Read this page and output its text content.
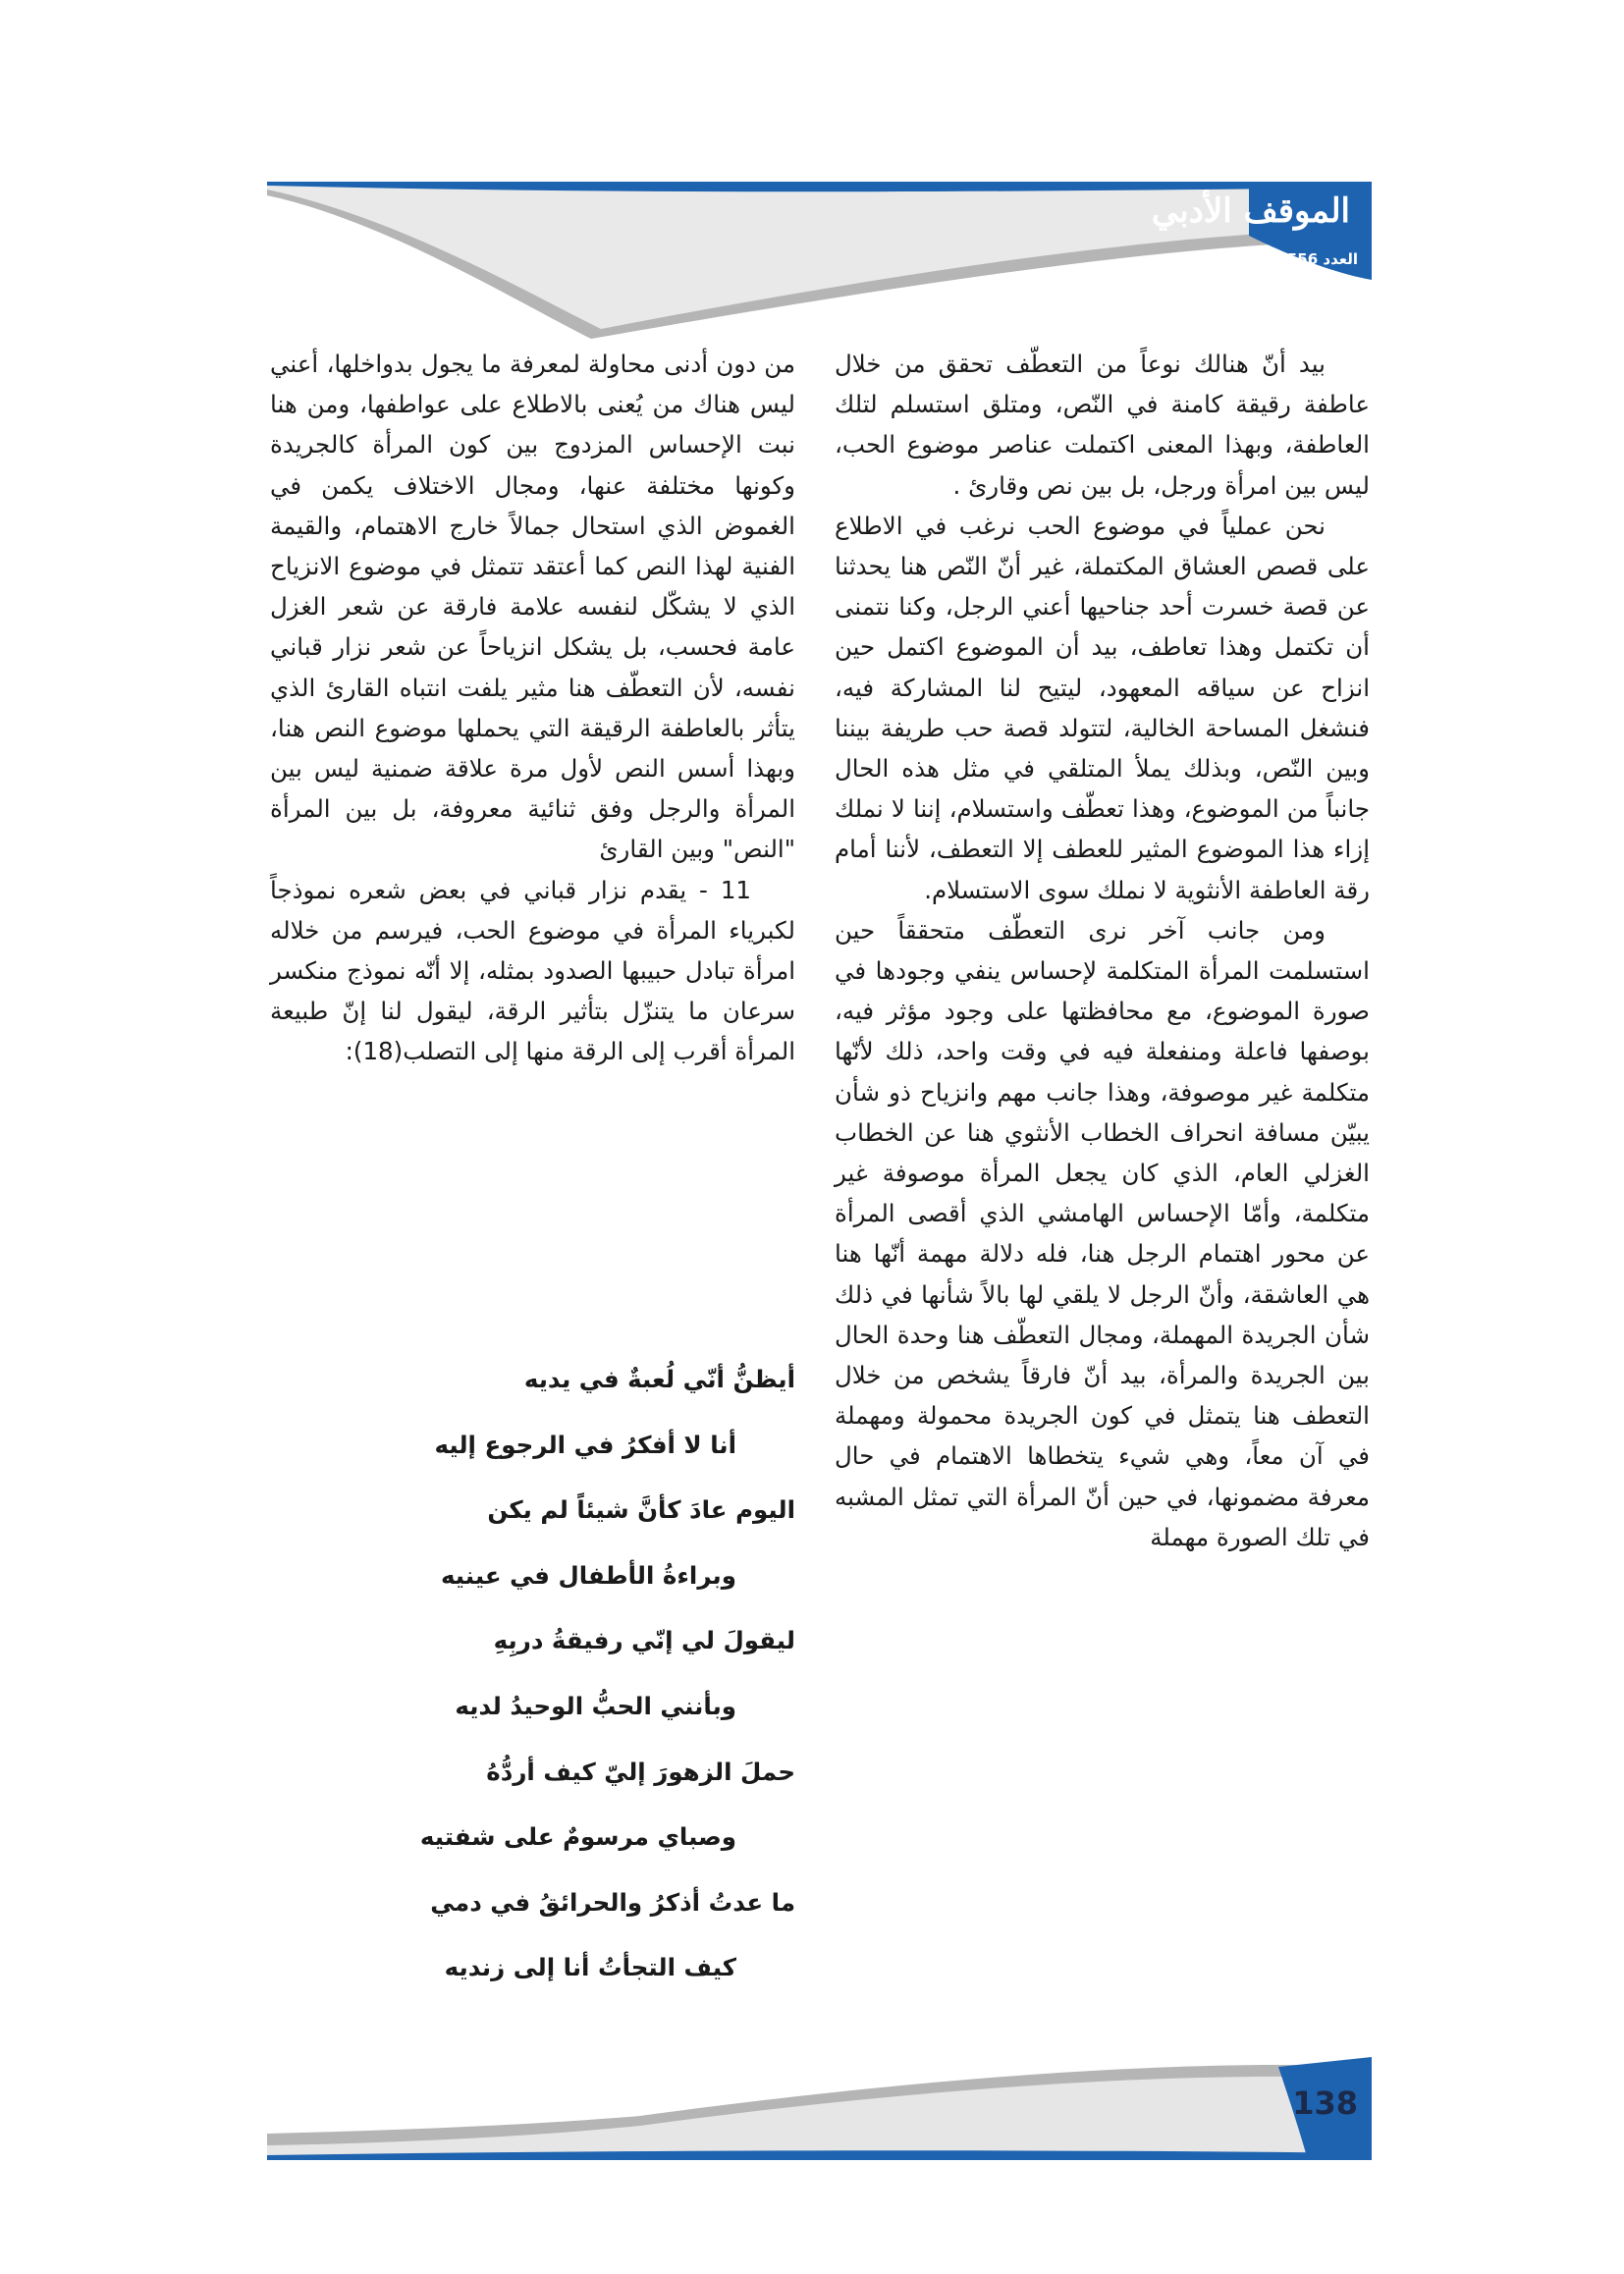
الموقف الأدبي
العدد 556 - أيار/ 2017

بيد أنّ هنالك نوعاً من التعطّف تحقق من خلال عاطفة رقيقة كامنة في النّص، ومتلق استسلم لتلك العاطفة، وبهذا المعنى اكتملت عناصر موضوع الحب، ليس بين امرأة ورجل، بل بين نص وقارئ .

نحن عملياً في موضوع الحب نرغب في الاطلاع على قصص العشاق المكتملة، غير أنّ النّص هنا يحدثنا عن قصة خسرت أحد جناحيها أعني الرجل، وكنا نتمنى أن تكتمل وهذا تعاطف، بيد أن الموضوع اكتمل حين انزاح عن سياقه المعهود، ليتيح لنا المشاركة فيه، فنشغل المساحة الخالية، لتتولد قصة حب طريفة بيننا وبين النّص، وبذلك يملأ المتلقي في مثل هذه الحال جانباً من الموضوع، وهذا تعطّف واستسلام، إننا لا نملك إزاء هذا الموضوع المثير للعطف إلا التعطف، لأننا أمام رقة العاطفة الأنثوية لا نملك سوى الاستسلام.

ومن جانب آخر نرى التعطّف متحققاً حين استسلمت المرأة المتكلمة لإحساس ينفي وجودها في صورة الموضوع، مع محافظتها على وجود مؤثر فيه، بوصفها فاعلة ومنفعلة فيه في وقت واحد، ذلك لأنّها متكلمة غير موصوفة، وهذا جانب مهم وانزياح ذو شأن يبيّن مسافة انحراف الخطاب الأنثوي هنا عن الخطاب الغزلي العام، الذي كان يجعل المرأة موصوفة غير متكلمة، وأمّا الإحساس الهامشي الذي أقصى المرأة عن محور اهتمام الرجل هنا، فله دلالة مهمة أنّها هنا هي العاشقة، وأنّ الرجل لا يلقي لها بالاً شأنها في ذلك شأن الجريدة المهملة، ومجال التعطّف هنا وحدة الحال بين الجريدة والمرأة، بيد أنّ فارقاً يشخص من خلال التعطف هنا يتمثل في كون الجريدة محمولة ومهملة في آن معاً، وهي شيء يتخطاها الاهتمام في حال معرفة مضمونها، في حين أنّ المرأة التي تمثل المشبه في تلك الصورة مهملة

من دون أدنى محاولة لمعرفة ما يجول بدواخلها، أعني ليس هناك من يُعنى بالاطلاع على عواطفها، ومن هنا نبت الإحساس المزدوج بين كون المرأة كالجريدة وكونها مختلفة عنها، ومجال الاختلاف يكمن في الغموض الذي استحال جمالاً خارج الاهتمام، والقيمة الفنية لهذا النص كما أعتقد تتمثل في موضوع الانزياح الذي لا يشكّل لنفسه علامة فارقة عن شعر الغزل عامة فحسب، بل يشكل انزياحاً عن شعر نزار قباني نفسه، لأن التعطّف هنا مثير يلفت انتباه القارئ الذي يتأثر بالعاطفة الرقيقة التي يحملها موضوع النص هنا، وبهذا أسس النص لأول مرة علاقة ضمنية ليس بين المرأة والرجل وفق ثنائية معروفة، بل بين المرأة "النص" وبين القارئ

11 - يقدم نزار قباني في بعض شعره نموذجاً لكبرياء المرأة في موضوع الحب، فيرسم من خلاله امرأة تبادل حبيبها الصدود بمثله، إلا أنّه نموذج منكسر سرعان ما يتنزّل بتأثير الرقة، ليقول لنا إنّ طبيعة المرأة أقرب إلى الرقة منها إلى التصلب(18):

أيظنُّ أنّي لُعبةٌ في يديه
أنا لا أفكرُ في الرجوع إليه
اليوم عادَ كأنَّ شيئاً لم يكن
وبراءةُ الأطفال في عينيه
ليقولَ لي إنّي رفيقةُ دربِهِ
وبأنني الحبُّ الوحيدُ لديه
حملَ الزهورَ إليّ كيف أردُّهُ
وصباي مرسومٌ على شفتيه
ما عدتُ أذكرُ والحرائقُ في دمي
كيف التجأتُ أنا إلى زنديه
138
